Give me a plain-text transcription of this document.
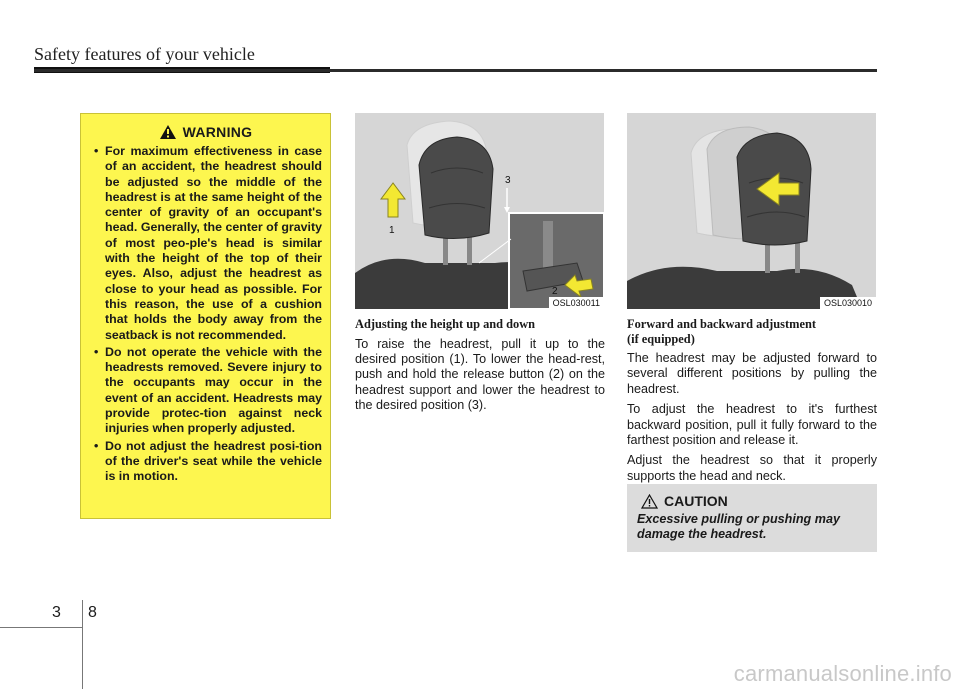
Safety features of your vehicle
WARNING
• For maximum effectiveness in case of an accident, the headrest should be adjusted so the middle of the headrest is at the same height of the center of gravity of an occupant's head. Generally, the center of gravity of most peo-ple's head is similar with the height of the top of their eyes. Also, adjust the headrest as close to your head as possible. For this reason, the use of a cushion that holds the body away from the seatback is not recommended.
• Do not operate the vehicle with the headrests removed. Severe injury to the occupants may occur in the event of an accident. Headrests may provide protec-tion against neck injuries when properly adjusted.
• Do not adjust the headrest posi-tion of the driver's seat while the vehicle is in motion.
1
3
2
OSL030011	OSL030010
Adjusting the height up and down

To raise the headrest, pull it up to the desired position (1). To lower the head-rest, push and hold the release button (2) on the headrest support and lower the headrest to the desired position (3).

Forward and backward adjustment
(if equipped)

The headrest may be adjusted forward to several different positions by pulling the headrest.

To adjust the headrest to it's furthest backward position, pull it fully forward to the farthest position and release it.

Adjust the headrest so that it properly supports the head and neck.

CAUTION
Excessive pulling or pushing may damage the headrest.
3 8
carmanualsonline.info
